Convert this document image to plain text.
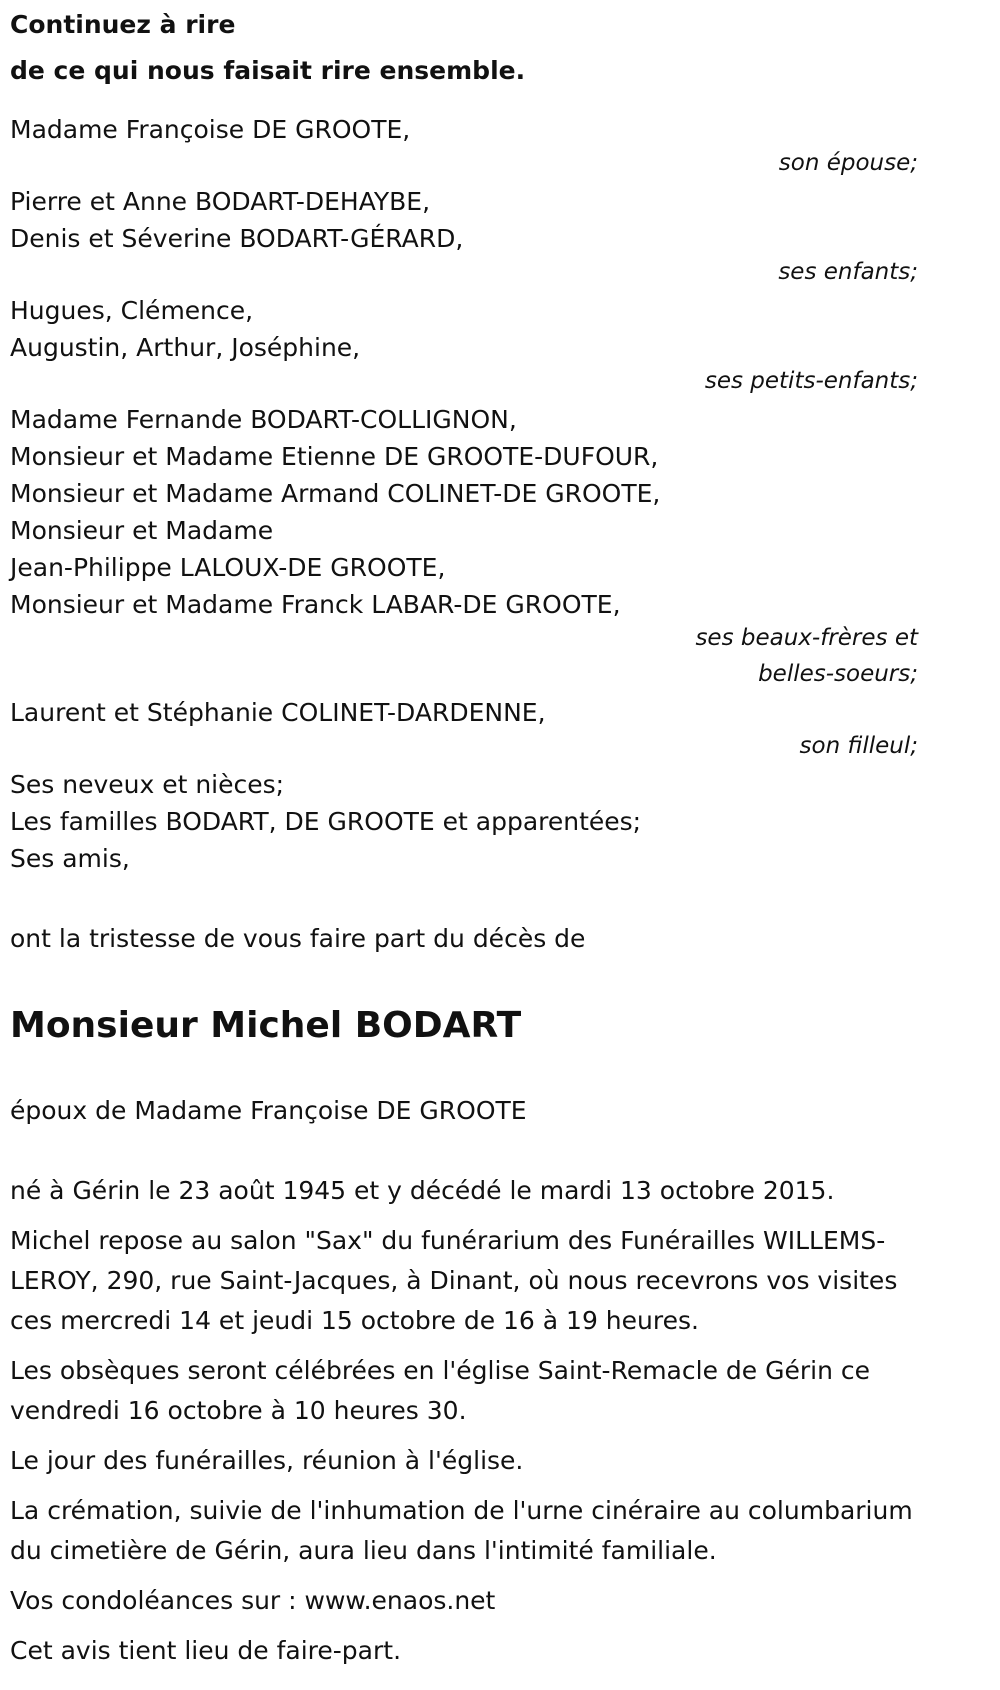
Continuez à rire

de ce qui nous faisait rire ensemble.

Madame Françoise DE GROOTE,

son épouse;

Pierre et Anne BODART-DEHAYBE,

Denis et Séverine BODART-GÉRARD,

ses enfants;

Hugues, Clémence,

Augustin, Arthur, Joséphine,

ses petits-enfants;

Madame Fernande BODART-COLLIGNON,

Monsieur et Madame Etienne DE GROOTE-DUFOUR,

Monsieur et Madame Armand COLINET-DE GROOTE,

Monsieur et Madame

Jean-Philippe LALOUX-DE GROOTE,

Monsieur et Madame Franck LABAR-DE GROOTE,

ses beaux-frères et

belles-soeurs;

Laurent et Stéphanie COLINET-DARDENNE,

son filleul;

Ses neveux et nièces;

Les familles BODART, DE GROOTE et apparentées;

Ses amis,

ont la tristesse de vous faire part du décès de

Monsieur Michel BODART

époux de Madame Françoise DE GROOTE

né à Gérin le 23 août 1945 et y décédé le mardi 13 octobre 2015.

Michel repose au salon "Sax" du funérarium des Funérailles WILLEMS-LEROY, 290, rue Saint-Jacques, à Dinant, où nous recevrons vos visites ces mercredi 14 et jeudi 15 octobre de 16 à 19 heures.

Les obsèques seront célébrées en l'église Saint-Remacle de Gérin ce vendredi 16 octobre à 10 heures 30.

Le jour des funérailles, réunion à l'église.

La crémation, suivie de l'inhumation de l'urne cinéraire au columbarium du cimetière de Gérin, aura lieu dans l'intimité familiale.

Vos condoléances sur : www.enaos.net

Cet avis tient lieu de faire-part.
